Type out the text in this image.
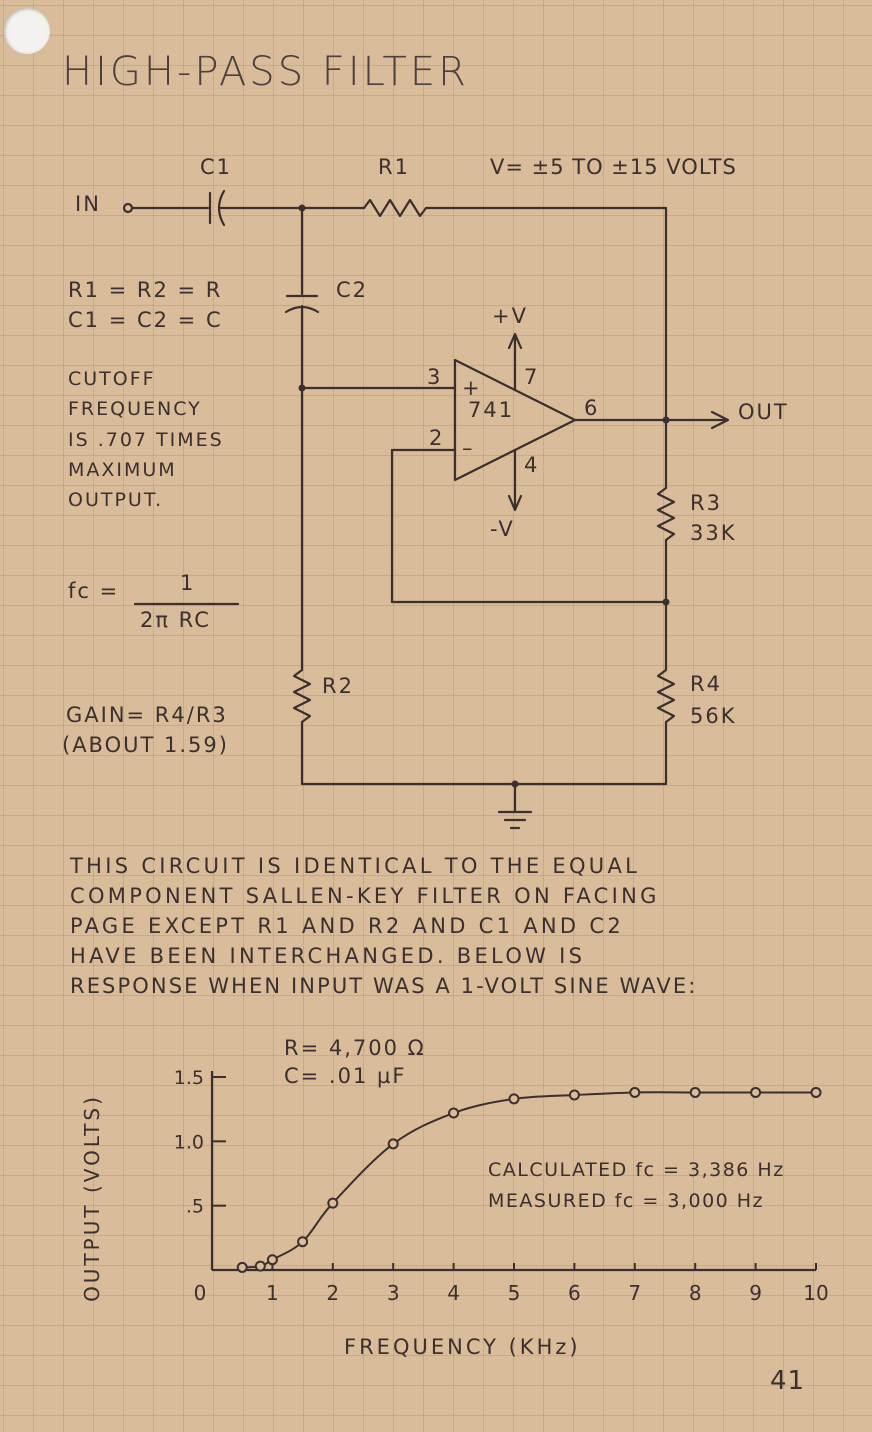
HIGH-PASS FILTER
IN
V= ±5 TO ±15 VOLTS
C1	R1
C2
+V
-V
741
+
–
3
2
7
4
6	OUT
R3
33K
R4
56K
R2
R1 = R2 = R
C1 = C2 = C
CUTOFF
FREQUENCY
IS .707 TIMES
MAXIMUM
OUTPUT.
fc =	1
2π RC
GAIN= R4/R3
(ABOUT 1.59)
THIS CIRCUIT IS IDENTICAL TO THE EQUAL
COMPONENT SALLEN-KEY FILTER ON FACING
PAGE EXCEPT R1 AND R2 AND C1 AND C2
HAVE BEEN INTERCHANGED. BELOW IS
RESPONSE WHEN INPUT WAS A 1-VOLT SINE WAVE:
R= 4,700 Ω
C= .01 µF
CALCULATED fc = 3,386 Hz
MEASURED fc = 3,000 Hz
.5
1.0
1.5
0	1 2 3 4 5 6 7 8 9 10
FREQUENCY (KHz)
OUTPUT (VOLTS)
41
